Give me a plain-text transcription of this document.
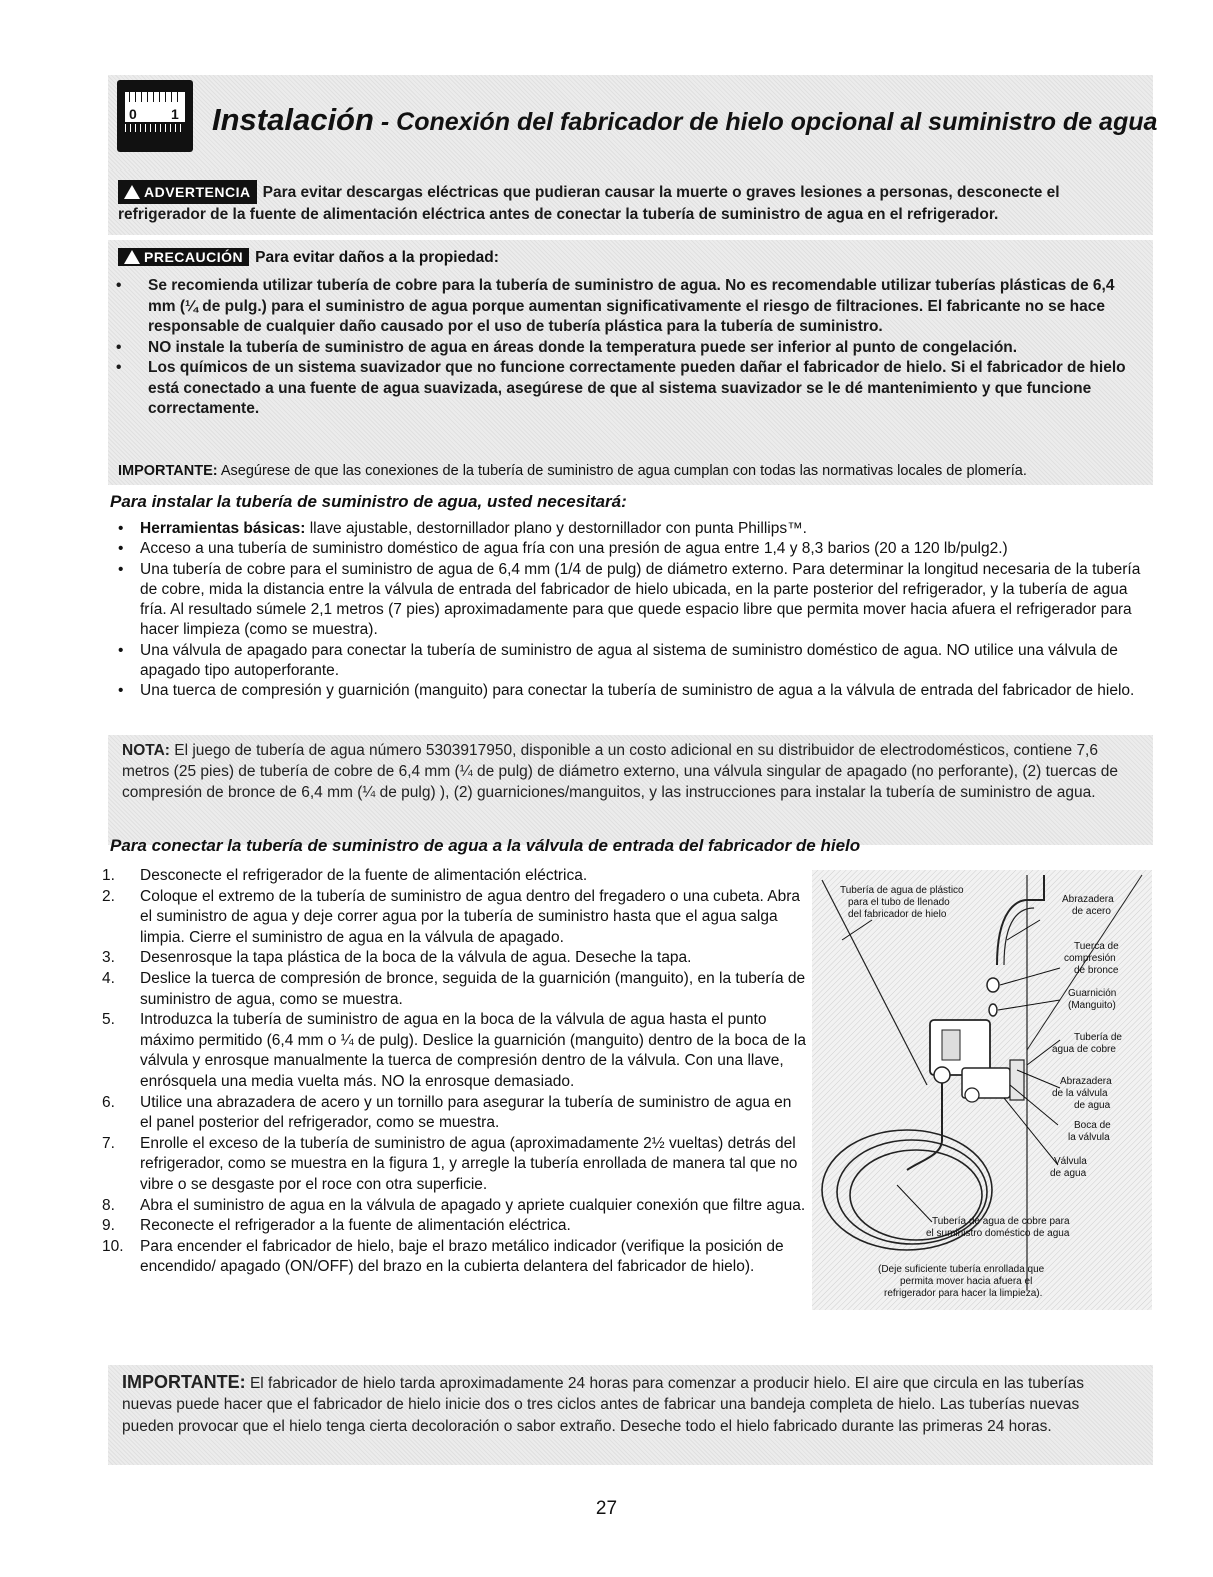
0 1 Instalación - Conexión del fabricador de hielo opcional al suministro de agua
ADVERTENCIA Para evitar descargas eléctricas que pudieran causar la muerte o graves lesiones a personas, desconecte el refrigerador de la fuente de alimentación eléctrica antes de conectar la tubería de suministro de agua en el refrigerador.
PRECAUCIÓN Para evitar daños a la propiedad:
• Se recomienda utilizar tubería de cobre para la tubería de suministro de agua. No es recomendable utilizar tuberías plásticas de 6,4 mm (¼ de pulg.) para el suministro de agua porque aumentan significativamente el riesgo de filtraciones. El fabricante no se hace responsable de cualquier daño causado por el uso de tubería plástica para la tubería de suministro.
• NO instale la tubería de suministro de agua en áreas donde la temperatura puede ser inferior al punto de congelación.
• Los químicos de un sistema suavizador que no funcione correctamente pueden dañar el fabricador de hielo. Si el fabricador de hielo está conectado a una fuente de agua suavizada, asegúrese de que al sistema suavizador se le dé mantenimiento y que funcione correctamente.
IMPORTANTE: Asegúrese de que las conexiones de la tubería de suministro de agua cumplan con todas las normativas locales de plomería.
Para instalar la tubería de suministro de agua, usted necesitará:
• Herramientas básicas: llave ajustable, destornillador plano y destornillador con punta Phillips™.
• Acceso a una tubería de suministro doméstico de agua fría con una presión de agua entre 1,4 y 8,3 barios (20 a 120 lb/pulg2.)
• Una tubería de cobre para el suministro de agua de 6,4 mm (1/4 de pulg) de diámetro externo. Para determinar la longitud necesaria de la tubería de cobre, mida la distancia entre la válvula de entrada del fabricador de hielo ubicada, en la parte posterior del refrigerador, y la tubería de agua fría. Al resultado súmele 2,1 metros (7 pies) aproximadamente para que quede espacio libre que permita mover hacia afuera el refrigerador para hacer limpieza (como se muestra).
• Una válvula de apagado para conectar la tubería de suministro de agua al sistema de suministro doméstico de agua. NO utilice una válvula de apagado tipo autoperforante.
• Una tuerca de compresión y guarnición (manguito) para conectar la tubería de suministro de agua a la válvula de entrada del fabricador de hielo.
NOTA: El juego de tubería de agua número 5303917950, disponible a un costo adicional en su distribuidor de electrodomésticos, contiene 7,6 metros (25 pies) de tubería de cobre de 6,4 mm (¼ de pulg) de diámetro externo, una válvula singular de apagado (no perforante), (2) tuercas de compresión de bronce de 6,4 mm (¼ de pulg) ), (2) guarniciones/manguitos, y las instrucciones para instalar la tubería de suministro de agua.
Para conectar la tubería de suministro de agua a la válvula de entrada del fabricador de hielo
1.	Desconecte el refrigerador de la fuente de alimentación eléctrica.
2.	Coloque el extremo de la tubería de suministro de agua dentro del fregadero o una cubeta. Abra el suministro de agua y deje correr agua por la tubería de suministro hasta que el agua salga limpia. Cierre el suministro de agua en la válvula de apagado.
3.	Desenrosque la tapa plástica de la boca de la válvula de agua. Deseche la tapa.
4.	Deslice la tuerca de compresión de bronce, seguida de la guarnición (manguito), en la tubería de suministro de agua, como se muestra.
5.	Introduzca la tubería de suministro de agua en la boca de la válvula de agua hasta el punto máximo permitido (6,4 mm o ¼ de pulg). Deslice la guarnición (manguito) dentro de la boca de la válvula y enrosque manualmente la tuerca de compresión dentro de la válvula. Con una llave, enrósquela una media vuelta más. NO la enrosque demasiado.
6.	Utilice una abrazadera de acero y un tornillo para asegurar la tubería de suministro de agua en el panel posterior del refrigerador, como se muestra.
7.	Enrolle el exceso de la tubería de suministro de agua (aproximadamente 2½ vueltas) detrás del refrigerador, como se muestra en la figura 1, y arregle la tubería enrollada de manera tal que no vibre o se desgaste por el roce con otra superficie.
8.	Abra el suministro de agua en la válvula de apagado y apriete cualquier conexión que filtre agua.
9.	Reconecte el refrigerador a la fuente de alimentación eléctrica.
10.	Para encender el fabricador de hielo, baje el brazo metálico indicador (verifique la posición de encendido/ apagado (ON/OFF) del brazo en la cubierta delantera del fabricador de hielo).
Tubería de agua de plástico
para el tubo de llenado
del fabricador de hielo
Abrazadera
de acero
Tuerca de
compresión
de bronce
Guarnición
(Manguito)
Tubería de
agua de cobre
Abrazadera
de la válvula
de agua
Boca de
la válvula
Válvula
de agua
Tubería de agua de cobre para
el suministro doméstico de agua
(Deje suficiente tubería enrollada que
permita mover hacia afuera el
refrigerador para hacer la limpieza).
IMPORTANTE: El fabricador de hielo tarda aproximadamente 24 horas para comenzar a producir hielo. El aire que circula en las tuberías nuevas puede hacer que el fabricador de hielo inicie dos o tres ciclos antes de fabricar una bandeja completa de hielo. Las tuberías nuevas pueden provocar que el hielo tenga cierta decoloración o sabor extraño. Deseche todo el hielo fabricado durante las primeras 24 horas.
27
